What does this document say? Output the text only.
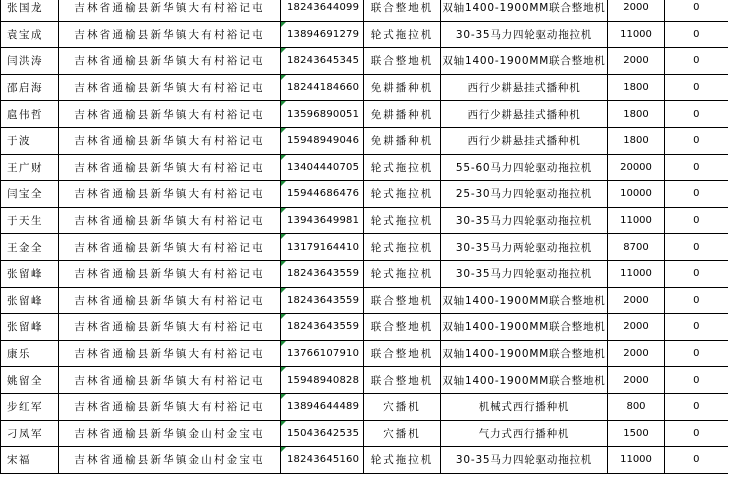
张国龙	吉林省通榆县新华镇大有村裕记屯	18243644099	联合整地机	双轴1400-1900MM联合整地机	2000	0
袁宝成	吉林省通榆县新华镇大有村裕记屯	13894691279	轮式拖拉机	30-35马力四轮驱动拖拉机	11000	0
闫洪涛	吉林省通榆县新华镇大有村裕记屯	18243645345	联合整地机	双轴1400-1900MM联合整地机	2000	0
邵启海	吉林省通榆县新华镇大有村裕记屯	18244184660	免耕播种机	西行少耕悬挂式播种机	1800	0
扈伟哲	吉林省通榆县新华镇大有村裕记屯	13596890051	免耕播种机	西行少耕悬挂式播种机	1800	0
于波	吉林省通榆县新华镇大有村裕记屯	15948949046	免耕播种机	西行少耕悬挂式播种机	1800	0
王广财	吉林省通榆县新华镇大有村裕记屯	13404440705	轮式拖拉机	55-60马力四轮驱动拖拉机	20000	0
闫宝全	吉林省通榆县新华镇大有村裕记屯	15944686476	轮式拖拉机	25-30马力四轮驱动拖拉机	10000	0
于天生	吉林省通榆县新华镇大有村裕记屯	13943649981	轮式拖拉机	30-35马力四轮驱动拖拉机	11000	0
王金全	吉林省通榆县新华镇大有村裕记屯	13179164410	轮式拖拉机	30-35马力两轮驱动拖拉机	8700	0
张留峰	吉林省通榆县新华镇大有村裕记屯	18243643559	轮式拖拉机	30-35马力四轮驱动拖拉机	11000	0
张留峰	吉林省通榆县新华镇大有村裕记屯	18243643559	联合整地机	双轴1400-1900MM联合整地机	2000	0
张留峰	吉林省通榆县新华镇大有村裕记屯	18243643559	联合整地机	双轴1400-1900MM联合整地机	2000	0
康乐	吉林省通榆县新华镇大有村裕记屯	13766107910	联合整地机	双轴1400-1900MM联合整地机	2000	0
姚留全	吉林省通榆县新华镇大有村裕记屯	15948940828	联合整地机	双轴1400-1900MM联合整地机	2000	0
步红军	吉林省通榆县新华镇大有村裕记屯	13894644489	穴播机	机械式西行播种机	800	0
刁凤军	吉林省通榆县新华镇金山村金宝屯	15043642535	穴播机	气力式西行播种机	1500	0
宋福	吉林省通榆县新华镇金山村金宝屯	18243645160	轮式拖拉机	30-35马力四轮驱动拖拉机	11000	0
